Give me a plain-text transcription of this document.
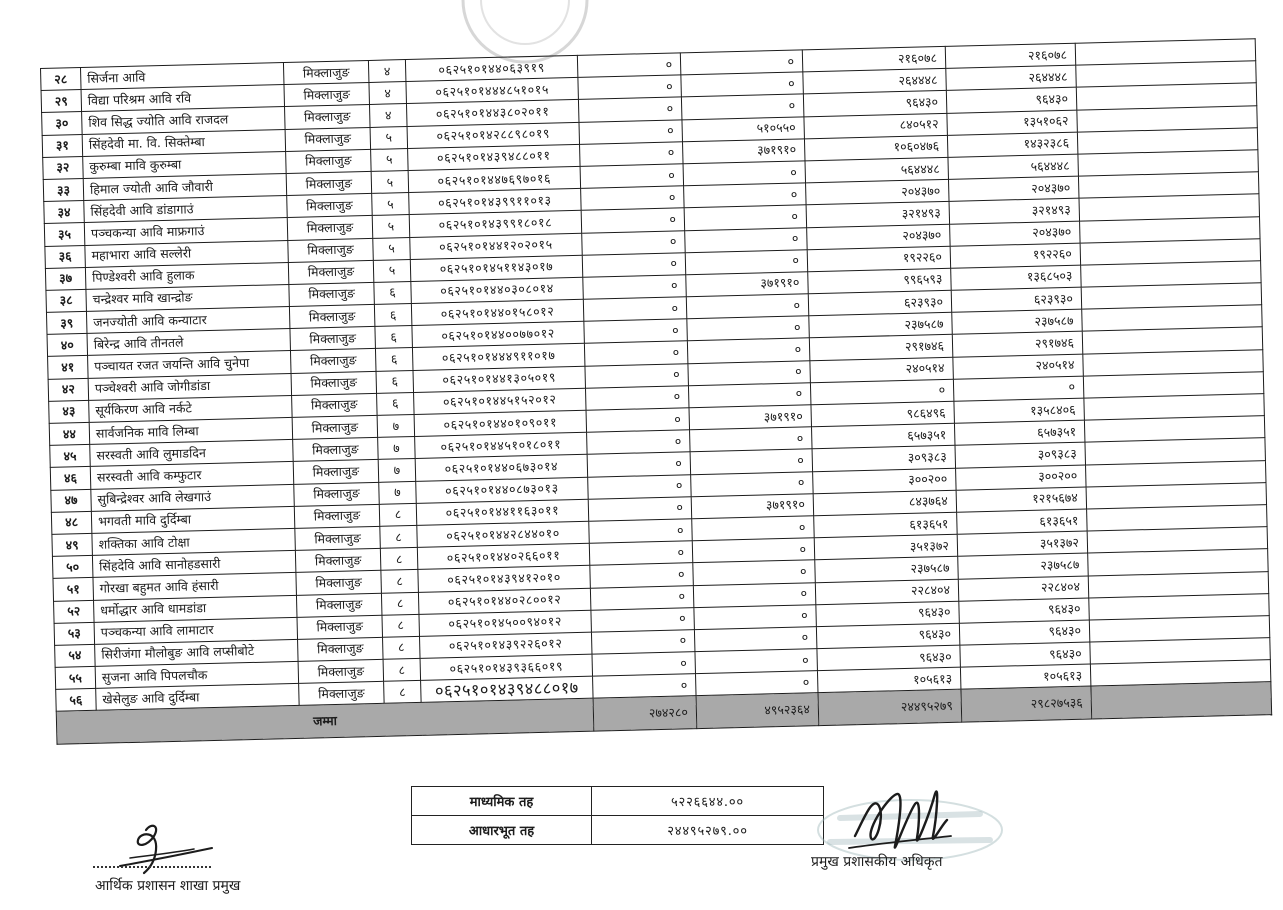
२८	सिर्जना आवि	मिक्लाजुङ	४	०६२५१०१४४०६३९१९	०	०	२१६०७८	२१६०७८	
२९	विद्या परिश्रम आवि रवि	मिक्लाजुङ	४	०६२५१०१४४४८५१०१५	०	०	२६४४४८	२६४४४८	
३०	शिव सिद्ध ज्योति आवि राजदल	मिक्लाजुङ	४	०६२५१०१४४३८०२०११	०	०	९६४३०	९६४३०	
३१	सिंहदेवी मा. वि. सिक्तेम्बा	मिक्लाजुङ	५	०६२५१०१४२८८९८०१९	०	५१०५५०	८४०५१२	१३५१०६२	
३२	कुरुम्बा मावि कुरुम्बा	मिक्लाजुङ	५	०६२५१०१४३९४८८०११	०	३७१९१०	१०६०४७६	१४३२३८६	
३३	हिमाल ज्योती आवि जौवारी	मिक्लाजुङ	५	०६२५१०१४४७६९७०१६	०	०	५६४४४८	५६४४४८	
३४	सिंहदेवी आवि डांडागाउं	मिक्लाजुङ	५	०६२५१०१४३९९११०१३	०	०	२०४३७०	२०४३७०	
३५	पञ्चकन्या आवि माफ्रगाउं	मिक्लाजुङ	५	०६२५१०१४३९९१८०१८	०	०	३२१४९३	३२१४९३	
३६	महाभारा आवि सल्लेरी	मिक्लाजुङ	५	०६२५१०१४४१२०२०१५	०	०	२०४३७०	२०४३७०	
३७	पिण्डेश्वरी आवि हुलाक	मिक्लाजुङ	५	०६२५१०१४५११४३०१७	०	०	१९२२६०	१९२२६०	
३८	चन्द्रेश्वर मावि खान्द्रोङ	मिक्लाजुङ	६	०६२५१०१४४०३०८०१४	०	३७१९१०	९९६५९३	१३६८५०३	
३९	जनज्योती आवि कन्याटार	मिक्लाजुङ	६	०६२५१०१४४०१५८०१२	०	०	६२३९३०	६२३९३०	
४०	बिरेन्द्र आवि तीनतले	मिक्लाजुङ	६	०६२५१०१४४००७७०१२	०	०	२३७५८७	२३७५८७	
४१	पञ्चायत रजत जयन्ति आवि चुनेपा	मिक्लाजुङ	६	०६२५१०१४४४९११०१७	०	०	२९१७४६	२९१७४६	
४२	पञ्चेश्वरी आवि जोगीडांडा	मिक्लाजुङ	६	०६२५१०१४४१३०५०१९	०	०	२४०५१४	२४०५१४	
४३	सूर्यकिरण आवि नर्कटे	मिक्लाजुङ	६	०६२५१०१४४५१५२०१२	०	०	०	०	
४४	सार्वजनिक मावि लिम्बा	मिक्लाजुङ	७	०६२५१०१४४०१०९०११	०	३७१९१०	९८६४९६	१३५८४०६	
४५	सरस्वती आवि लुमाडदिन	मिक्लाजुङ	७	०६२५१०१४४५१०१८०११	०	०	६५७३५१	६५७३५१	
४६	सरस्वती आवि कम्फुटार	मिक्लाजुङ	७	०६२५१०१४४०६७३०१४	०	०	३०९३८३	३०९३८३	
४७	सुबिन्द्रेश्वर आवि लेखगाउं	मिक्लाजुङ	७	०६२५१०१४४०८७३०१३	०	०	३००२००	३००२००	
४८	भगवती मावि दुर्दिम्बा	मिक्लाजुङ	८	०६२५१०१४४११६३०११	०	३७१९१०	८४३७६४	१२१५६७४	
४९	शक्तिका आवि टोक्षा	मिक्लाजुङ	८	०६२५१०१४४२८४४०१०	०	०	६१३६५१	६१३६५१	
५०	सिंहदेवि आवि सानोहडसारी	मिक्लाजुङ	८	०६२५१०१४४०२६६०११	०	०	३५१३७२	३५१३७२	
५१	गोरखा बहुमत आवि हंसारी	मिक्लाजुङ	८	०६२५१०१४३९४१२०१०	०	०	२३७५८७	२३७५८७	
५२	धर्मोद्धार आवि धामडांडा	मिक्लाजुङ	८	०६२५१०१४४०२८००१२	०	०	२२८४०४	२२८४०४	
५३	पञ्चकन्या आवि लामाटार	मिक्लाजुङ	८	०६२५१०१४५००९४०१२	०	०	९६४३०	९६४३०	
५४	सिरीजंगा मौलोबुङ आवि लप्सीबोटे	मिक्लाजुङ	८	०६२५१०१४३९२२६०१२	०	०	९६४३०	९६४३०	
५५	सुजना आवि पिपलचौक	मिक्लाजुङ	८	०६२५१०१४३९३६६०१९	०	०	९६४३०	९६४३०	
५६	खेसेलुङ आवि दुर्दिम्बा	मिक्लाजुङ	८	०६२५१०१४३९४८८०१७	०	०	१०५६१३	१०५६१३	
जम्मा					२७४२८०	४९५२३६४	२४४९५२७९	२९८२७५३६	
माध्यमिक तह	५२२६६४४.००
आधारभूत तह	२४४९५२७९.००
आर्थिक प्रशासन शाखा प्रमुख
प्रमुख प्रशासकीय अधिकृत
